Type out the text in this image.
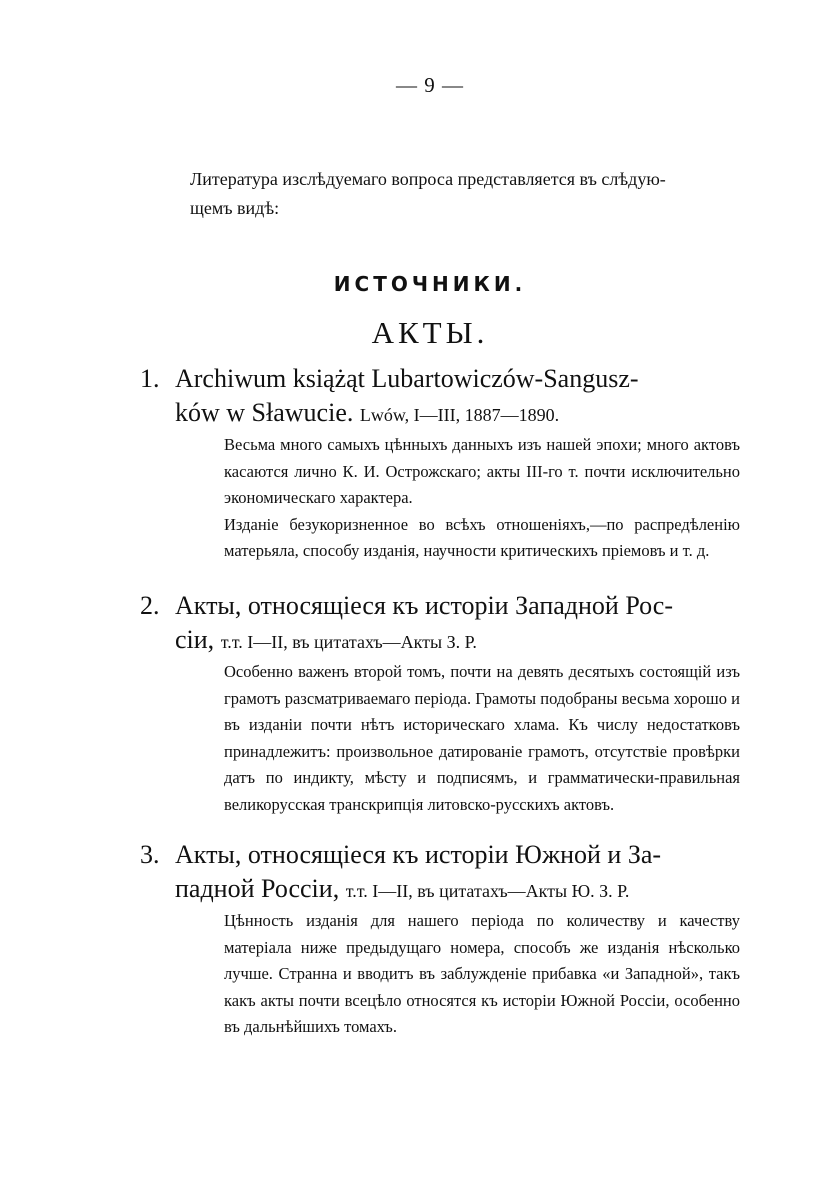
— 9 —
Литература изслѣдуемаго вопроса представляется въ слѣдую-

щемъ видѣ:
ИСТОЧНИКИ.
АКТЫ.
1. Archiwum książąt Lubartowiczów-Sangusz-
ków w Sławucie. Lwów, I—III, 1887—1890.

Весьма много самыхъ цѣнныхъ данныхъ изъ нашей эпохи; много актовъ касаются лично К. И. Острожскаго; акты III-го т. почти исключительно экономическаго характера.

Изданіе безукоризненное во всѣхъ отношеніяхъ,—по распредѣленію матерьяла, способу изданія, научности критическихъ пріемовъ и т. д.

2. Акты, относящіеся къ исторіи Западной Рос-
сіи, т.т. I—II, въ цитатахъ—Акты З. Р.

Особенно важенъ второй томъ, почти на девять десятыхъ состоящій изъ грамотъ разсматриваемаго періода. Грамоты подобраны весьма хорошо и въ изданіи почти нѣтъ историческаго хлама. Къ числу недостатковъ принадлежитъ: произвольное датированіе грамотъ, отсутствіе провѣрки датъ по индикту, мѣсту и подписямъ, и грамматически-правильная великорусская транскрипція литовско-русскихъ актовъ.

3. Акты, относящіеся къ исторіи Южной и За-
падной Россіи, т.т. I—II, въ цитатахъ—Акты Ю. З. Р.

Цѣнность изданія для нашего періода по количеству и качеству матеріала ниже предыдущаго номера, способъ же изданія нѣсколько лучше. Странна и вводитъ въ заблужденіе прибавка «и Западной», такъ какъ акты почти всецѣло относятся къ исторіи Южной Россіи, особенно въ дальнѣйшихъ томахъ.
